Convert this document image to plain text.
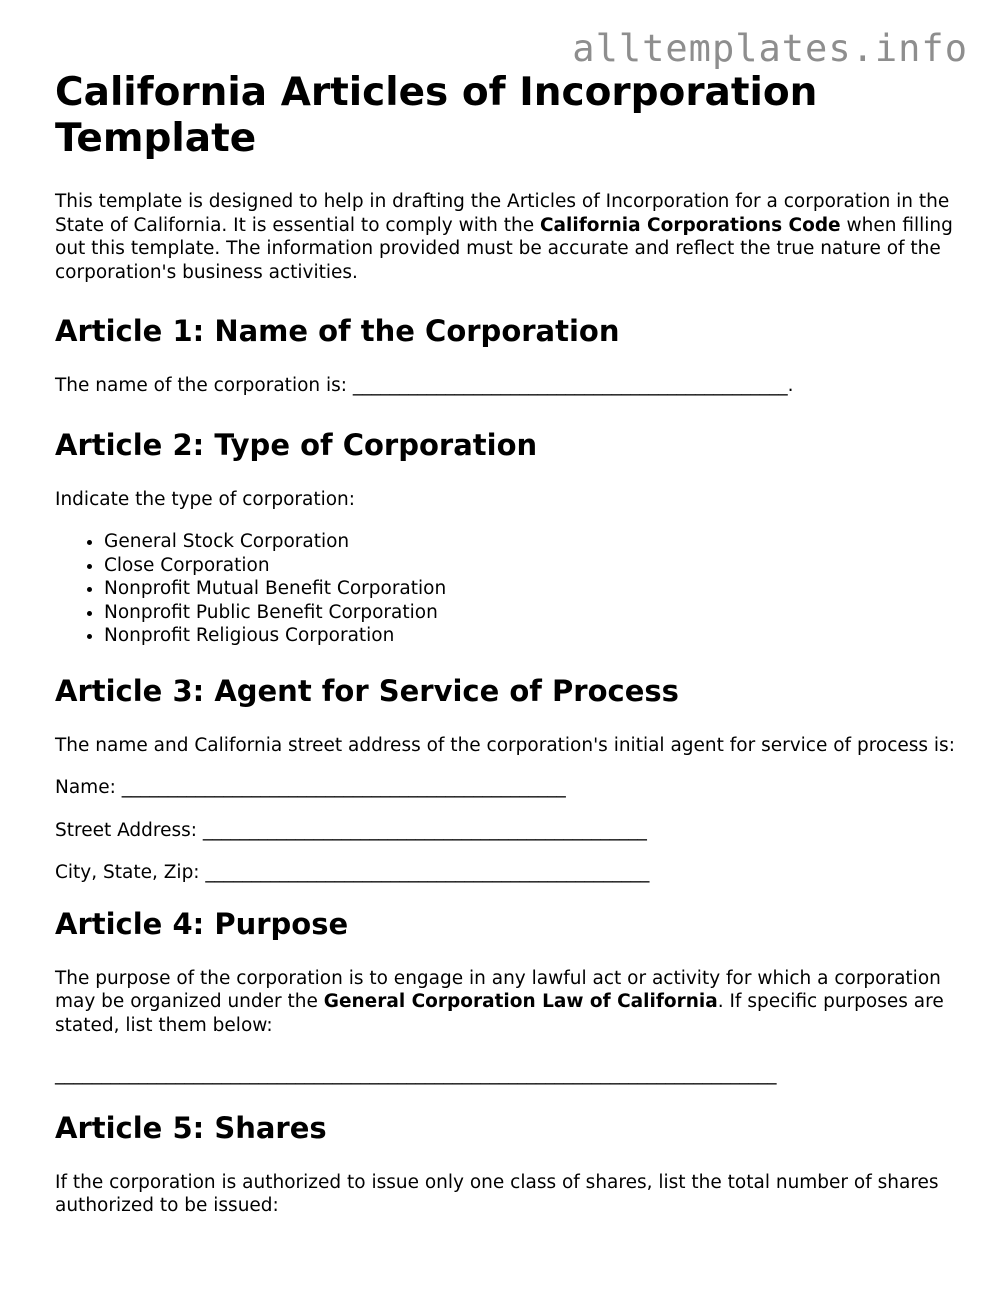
alltemplates.info
California Articles of Incorporation Template

This template is designed to help in drafting the Articles of Incorporation for a corporation in the State of California. It is essential to comply with the California Corporations Code when filling out this template. The information provided must be accurate and reflect the true nature of the corporation's business activities.

Article 1: Name of the Corporation

The name of the corporation is: _______________________________________________.

Article 2: Type of Corporation

Indicate the type of corporation:

• General Stock Corporation
• Close Corporation
• Nonprofit Mutual Benefit Corporation
• Nonprofit Public Benefit Corporation
• Nonprofit Religious Corporation
Article 3: Agent for Service of Process

The name and California street address of the corporation's initial agent for service of process is:

Name: ________________________________________________

Street Address: ________________________________________________

City, State, Zip: ________________________________________________

Article 4: Purpose

The purpose of the corporation is to engage in any lawful act or activity for which a corporation may be organized under the General Corporation Law of California. If specific purposes are stated, list them below:

______________________________________________________________________________

Article 5: Shares

If the corporation is authorized to issue only one class of shares, list the total number of shares authorized to be issued:
